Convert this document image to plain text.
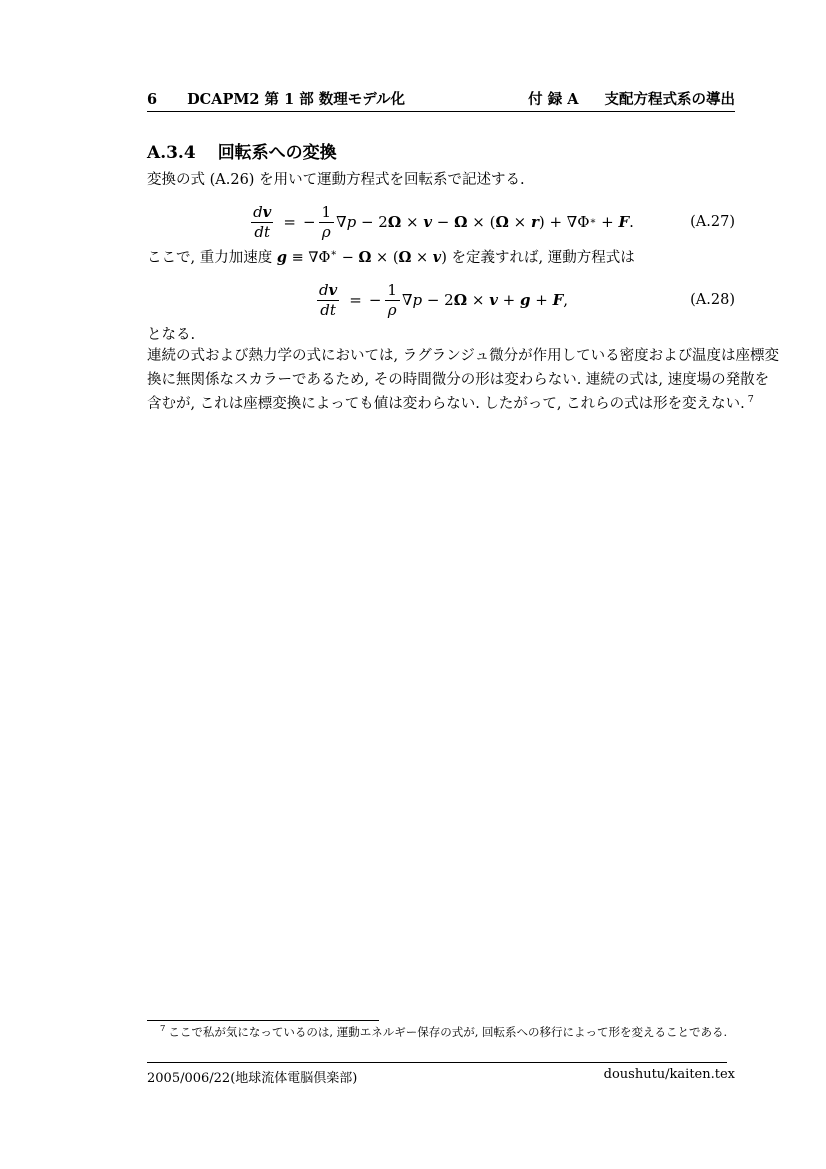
6 DCAPM2 第 1 部 数理モデル化	付 録 A 支配方程式系の導出
A.3.4 回転系への変換

変換の式 (A.26) を用いて運動方程式を回転系で記述する.

$\frac{dv}{dt}$ = − $\frac{1}{\rho}$ ∇ p − 2 Ω × v − Ω × ( Ω × r ) + ∇Φ ∗ + F .	(A.27)

ここで, 重力加速度 g ≡ ∇Φ∗ − Ω × (Ω × v) を定義すれば, 運動方程式は

$\frac{dv}{dt}$ = − $\frac{1}{\rho}$ ∇ p − 2 Ω × v + g + F ,	(A.28)

となる.

連続の式および熱力学の式においては, ラグランジュ微分が作用している密度および温度は座標変
換に無関係なスカラーであるため, その時間微分の形は変わらない. 連続の式は, 速度場の発散を
含むが, これは座標変換によっても値は変わらない. したがって, これらの式は形を変えない. $^7$
$^7$ ここで私が気になっているのは, 運動エネルギー保存の式が, 回転系への移行によって形を変えることである.
2005/006/22(地球流体電脳倶楽部)	doushutu/kaiten.tex
